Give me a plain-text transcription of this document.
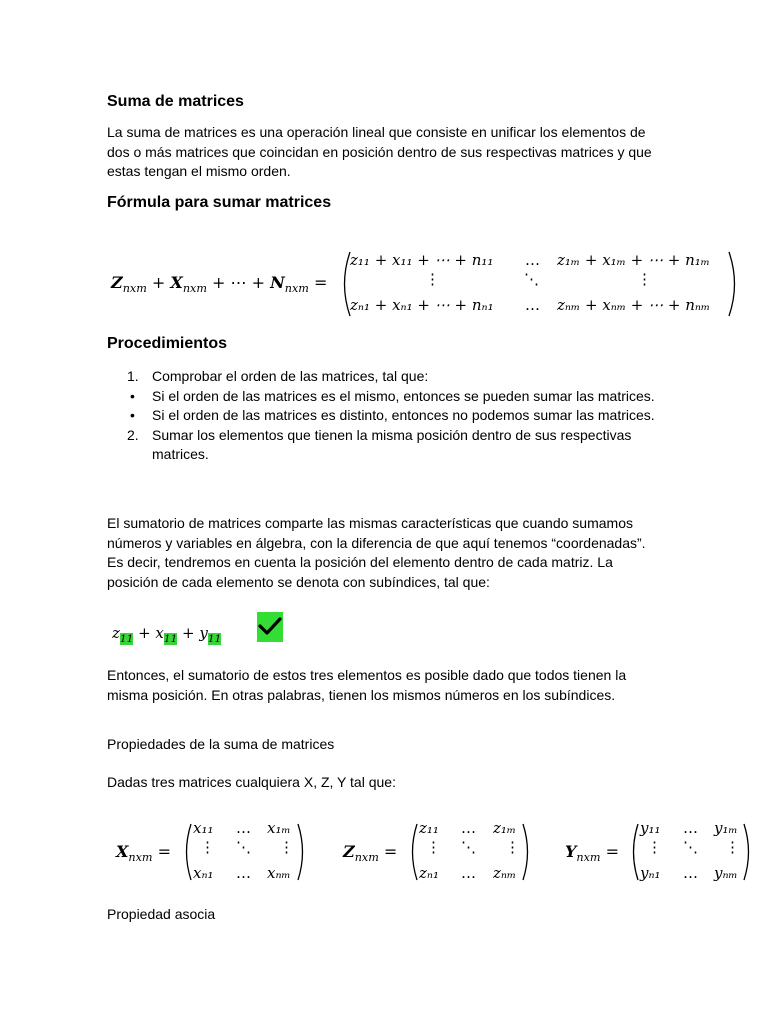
Suma de matrices

La suma de matrices es una operación lineal que consiste en unificar los elementos de dos o más matrices que coincidan en posición dentro de sus respectivas matrices y que estas tengan el mismo orden.

Fórmula para sumar matrices
$Z_{nxm} + X_{nxm}$ + ⋯ + $N_{nxm}$ =
z₁₁ + x₁₁ + ⋯ + n₁₁ … z₁ₘ + x₁ₘ + ⋯ + n₁ₘ
⋮	⋱	⋮
zₙ₁ + xₙ₁ + ⋯ + nₙ₁ … zₙₘ + xₙₘ + ⋯ + nₙₘ
Procedimientos
1. Comprobar el orden de las matrices, tal que:
• Si el orden de las matrices es el mismo, entonces se pueden sumar las matrices.
• Si el orden de las matrices es distinto, entonces no podemos sumar las matrices.
2. Sumar los elementos que tienen la misma posición dentro de sus respectivas matrices.

El sumatorio de matrices comparte las mismas características que cuando sumamos números y variables en álgebra, con la diferencia de que aquí tenemos “coordenadas”. Es decir, tendremos en cuenta la posición del elemento dentro de cada matriz. La posición de cada elemento se denota con subíndices, tal que:

$z_{11} + x_{11} + y_{11}$

Entonces, el sumatorio de estos tres elementos es posible dado que todos tienen la misma posición. En otras palabras, tienen los mismos números en los subíndices.

Propiedades de la suma de matrices

Dadas tres matrices cualquiera X, Z, Y tal que:

$X_{nxm}$ =
x₁₁ … x₁ₘ
⋮ ⋱ ⋮
xₙ₁ … xₙₘ
$Z_{nxm}$ =
z₁₁ … z₁ₘ
⋮ ⋱ ⋮
zₙ₁ … zₙₘ
$Y_{nxm}$ =
y₁₁ … y₁ₘ
⋮ ⋱ ⋮
yₙ₁ … yₙₘ

Propiedad asocia
